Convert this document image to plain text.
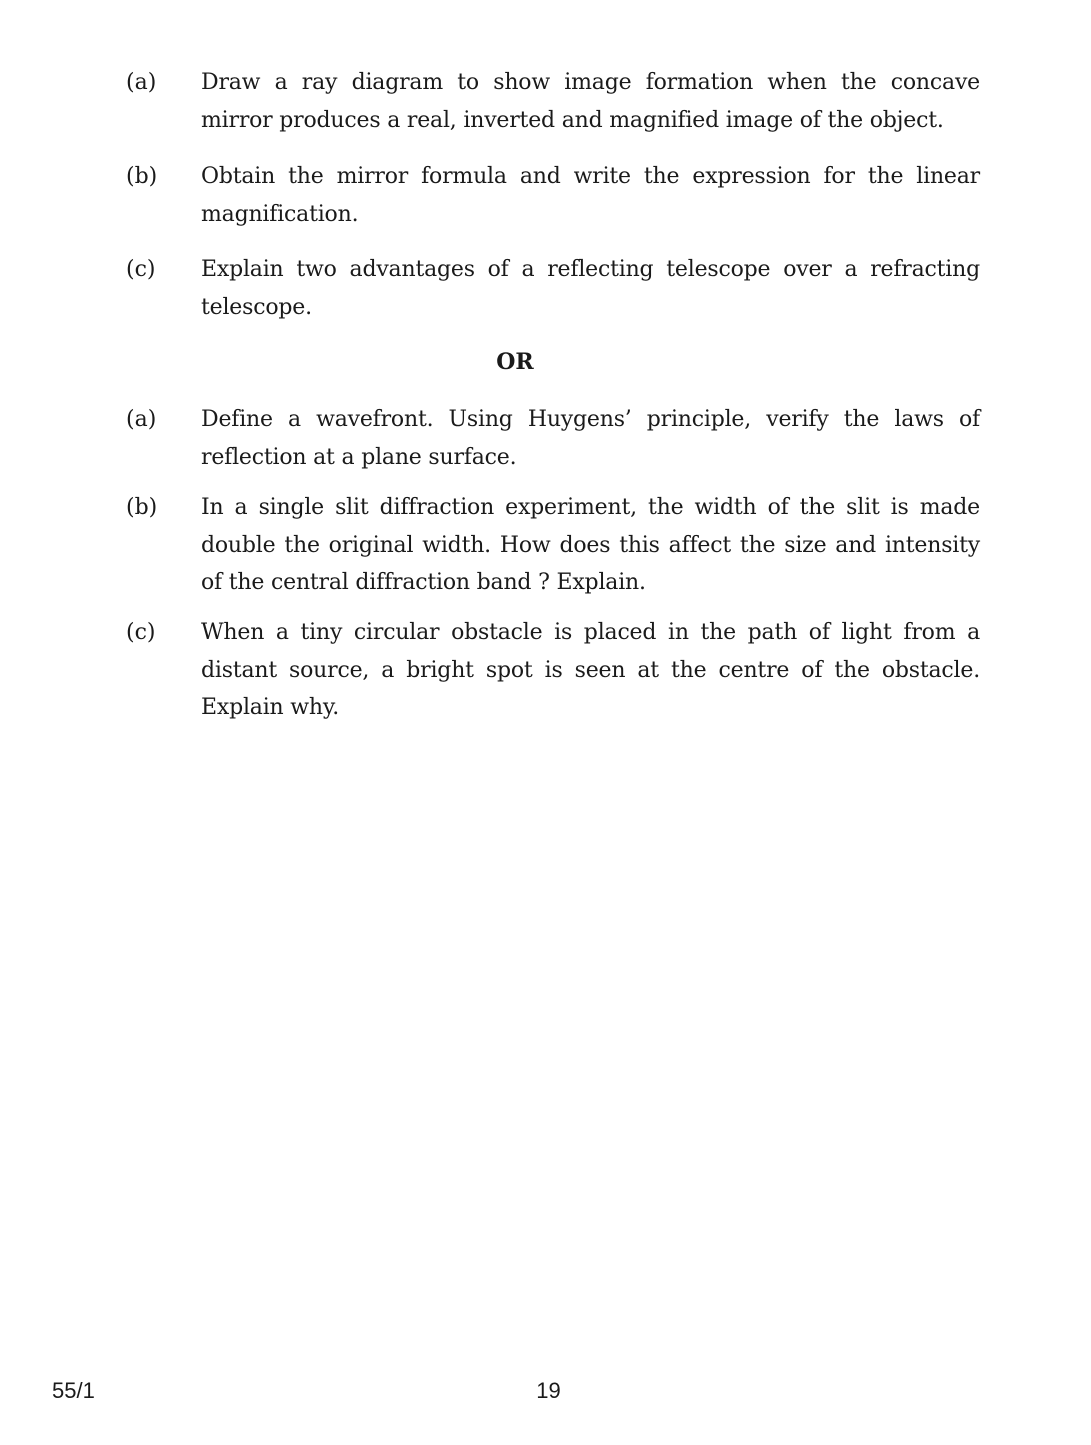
(a)	Draw a ray diagram to show image formation when the concave mirror produces a real, inverted and magnified image of the object.
(b)	Obtain the mirror formula and write the expression for the linear magnification.
(c)	Explain two advantages of a reflecting telescope over a refracting telescope.
OR
(a)	Define a wavefront. Using Huygens’ principle, verify the laws of reflection at a plane surface.
(b)	In a single slit diffraction experiment, the width of the slit is made double the original width. How does this affect the size and intensity of the central diffraction band ? Explain.
(c)	When a tiny circular obstacle is placed in the path of light from a distant source, a bright spot is seen at the centre of the obstacle. Explain why.
55/1	19
